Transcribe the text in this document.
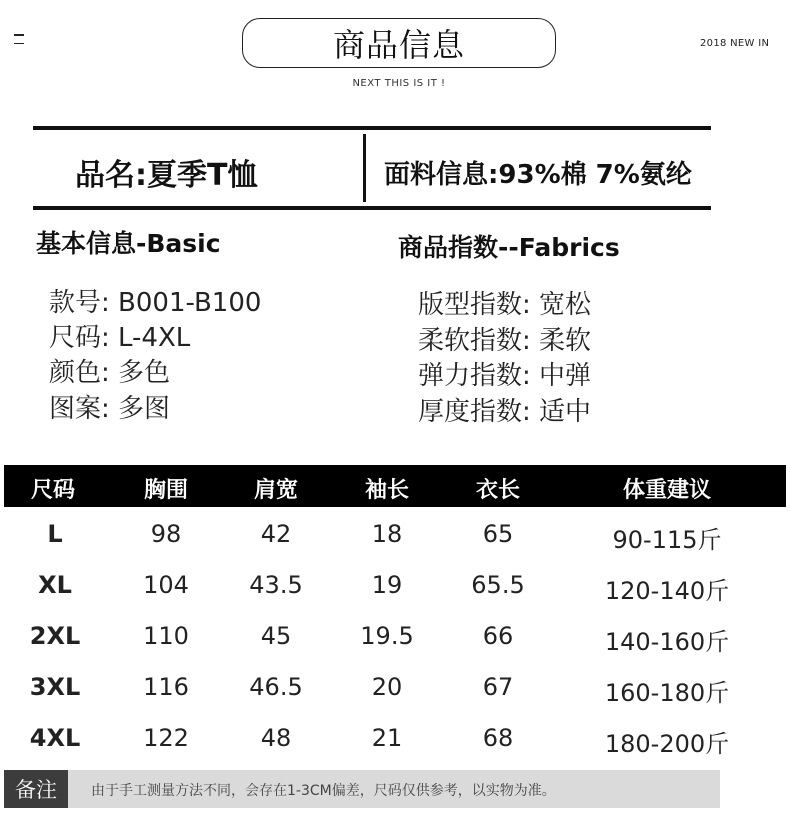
商品信息
NEXT THIS IS IT !
2018 NEW IN
品名:夏季T恤	面料信息:93%棉 7%氨纶
基本信息-Basic
款号: B001-B100
尺码: L-4XL
颜色: 多色
图案: 多图
商品指数--Fabrics
版型指数: 宽松
柔软指数: 柔软
弹力指数: 中弹
厚度指数: 适中
尺码	胸围	肩宽	袖长	衣长	体重建议
L	98	42	18	65	90-115斤
XL	104	43.5	19	65.5	120-140斤
2XL	110	45	19.5	66	140-160斤
3XL	116	46.5	20	67	160-180斤
4XL	122	48	21	68	180-200斤
备注	由于手工测量方法不同，会存在1-3CM偏差，尺码仅供参考，以实物为准。
